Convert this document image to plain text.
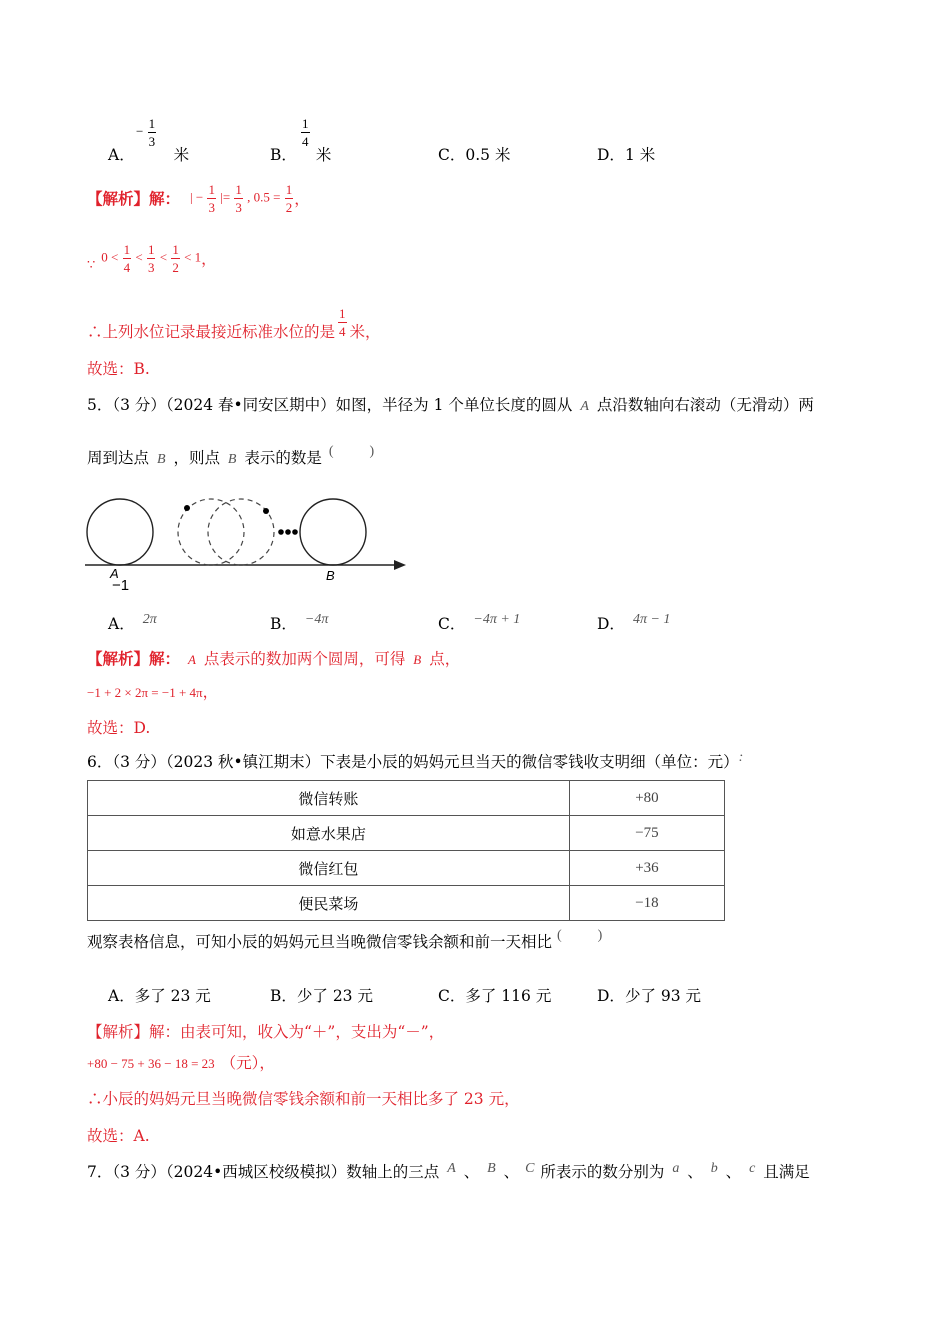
A．
− $\frac{1}{3}$
米	B．
$\frac{1}{4}$
米	C．0.5 米	D．1 米
【解析】解： | − $\frac{1}{3}$ |= $\frac{1}{3}$ , $0.5 = \frac{1}{2}$ ，
∵
$0 < \frac{1}{4} < \frac{1}{3} < \frac{1}{2} < 1$ ，
∴上列水位记录最接近标准水位的是 $\frac{1}{4}$ 米，
故选：B.
5．（3 分）（2024 春•同安区期中）如图，半径为 1 个单位长度的圆从 A 点沿数轴向右滚动（无滑动）两
周到达点 B ，则点 B 表示的数是 (	)
A
−1
B
A． 2π	B． −4π	C． −4π + 1	D． 4π − 1
【解析】解： A 点表示的数加两个圆周，可得 B 点，
−1 + 2 × 2π = −1 + 4π，
故选：D.
6．（3 分）（2023 秋•镇江期末）下表是小辰的妈妈元旦当天的微信零钱收支明细（单位：元）:
微信转账	+80
如意水果店	−75
微信红包	+36
便民菜场	−18
观察表格信息，可知小辰的妈妈元旦当晚微信零钱余额和前一天相比 (	)
A．多了 23 元	B．少了 23 元	C．多了 116 元	D．少了 93 元
【解析】解：由表可知，收入为“＋”，支出为“－”，
+80 − 75 + 36 − 18 = 23 （元），
∴小辰的妈妈元旦当晚微信零钱余额和前一天相比多了 23 元，
故选：A.
7．（3 分）（2024•西城区校级模拟）数轴上的三点 A 、 B 、 C 所表示的数分别为 a 、 b 、 c 且满足
